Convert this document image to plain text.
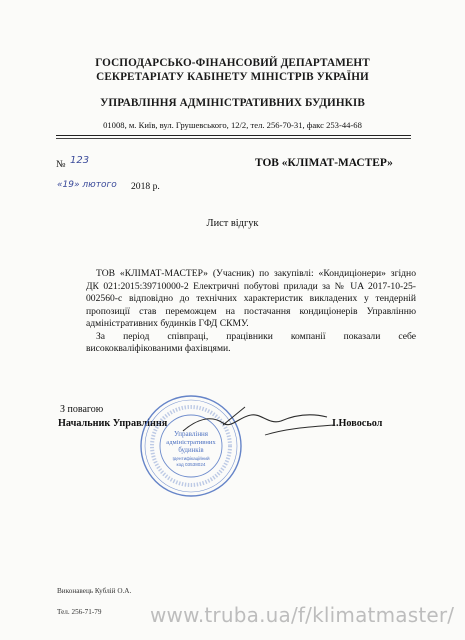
ГОСПОДАРСЬКО-ФІНАНСОВИЙ ДЕПАРТАМЕНТ
СЕКРЕТАРІАТУ КАБІНЕТУ МІНІСТРІВ УКРАЇНИ
УПРАВЛІННЯ АДМІНІСТРАТИВНИХ БУДИНКІВ
01008, м. Київ, вул. Грушевського, 12/2, тел. 256-70-31, факс 253-44-68
№ 123	ТОВ «КЛІМАТ-МАСТЕР»
«19» лютого 2018 р.
Лист відгук

ТОВ «КЛІМАТ-МАСТЕР» (Учасник) по закупівлі: «Кондиціонери» згідно ДК 021:2015:39710000-2 Електричні побутові прилади за № UA 2017-10-25-002560-с відповідно до технічних характеристик викладених у тендерній пропозиції став переможцем на постачання кондиціонерів Управлінню адміністративних будинків ГФД СКМУ.

За період співпраці, працівники компанії показали себе висококваліфікованими фахівцями.

З повагою
Начальник Управління	І.Новосьол
Управління
адміністративних
будинків
Ідентифікаційний
код 03538024
Виконавець Кублій О.А.
Тел. 256-71-79 www.truba.ua/f/klimatmaster/
